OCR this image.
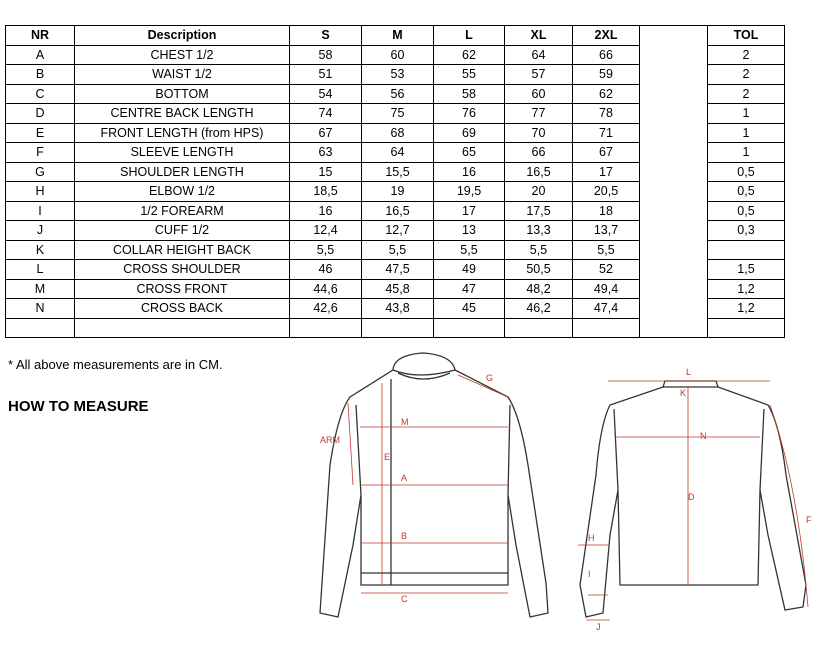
NR	Description	S	M	L	XL	2XL		TOL
A	CHEST 1/2	58	60	62	64	66		2
B	WAIST 1/2	51	53	55	57	59		2
C	BOTTOM	54	56	58	60	62		2
D	CENTRE BACK LENGTH	74	75	76	77	78		1
E	FRONT LENGTH (from HPS)	67	68	69	70	71		1
F	SLEEVE LENGTH	63	64	65	66	67		1
G	SHOULDER LENGTH	15	15,5	16	16,5	17		0,5
H	ELBOW 1/2	18,5	19	19,5	20	20,5		0,5
I	1/2 FOREARM	16	16,5	17	17,5	18		0,5
J	CUFF 1/2	12,4	12,7	13	13,3	13,7		0,3
K	COLLAR HEIGHT BACK	5,5	5,5	5,5	5,5	5,5		
L	CROSS SHOULDER	46	47,5	49	50,5	52		1,5
M	CROSS FRONT	44,6	45,8	47	48,2	49,4		1,2
N	CROSS BACK	42,6	43,8	45	46,2	47,4		1,2

* All above measurements are in CM.
HOW TO MEASURE
ARM
G
M
E
A
B
C
L
K
N
D
H
I
J
F
